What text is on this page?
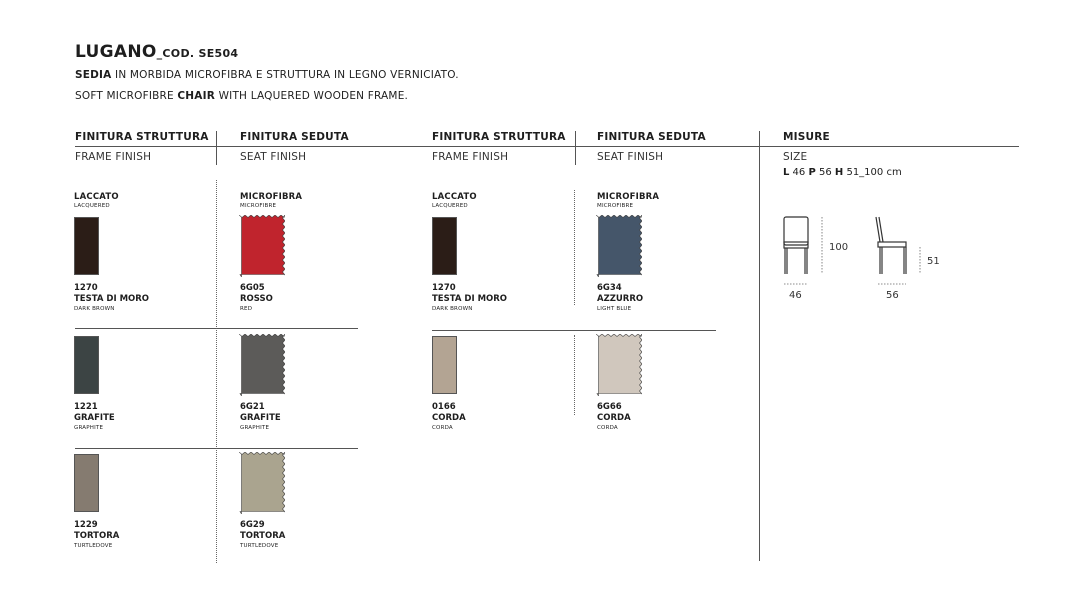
LUGANO_COD. SE504
SEDIA IN MORBIDA MICROFIBRA E STRUTTURA IN LEGNO VERNICIATO.
SOFT MICROFIBRE CHAIR WITH LAQUERED WOODEN FRAME.
FINITURA STRUTTURA
FRAME FINISH
FINITURA SEDUTA
SEAT FINISH
FINITURA STRUTTURA
FRAME FINISH
FINITURA SEDUTA
SEAT FINISH
MISURE
SIZE
LACCATO
LACQUERED
MICROFIBRA
MICROFIBRE
LACCATO
LACQUERED
MICROFIBRA
MICROFIBRE
1270
TESTA DI MORO
DARK BROWN
1221
GRAFITE
GRAPHITE
1229
TORTORA
TURTLEDOVE
6G05
ROSSO
RED
6G21
GRAFITE
GRAPHITE
6G29
TORTORA
TURTLEDOVE
1270
TESTA DI MORO
DARK BROWN
0166
CORDA
CORDA
6G34
AZZURRO
LIGHT BLUE
6G66
CORDA
CORDA
L 46 P 56 H 51_100 cm
100
46
51
56
